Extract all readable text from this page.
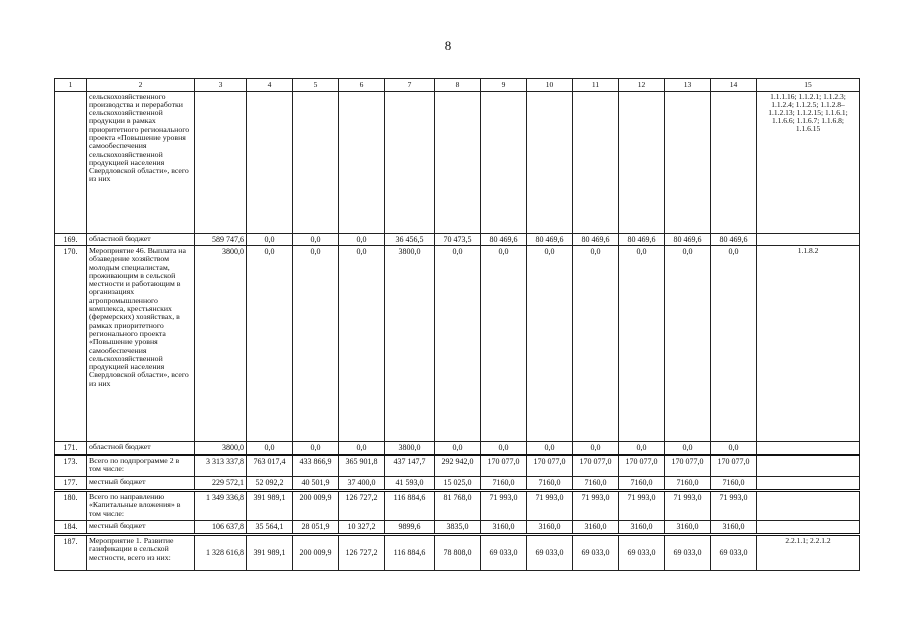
8
1	2	3	4	5	6	7	8	9	10	11	12	13	14	15
	сельскохозяйственного производства и переработки сельскохозяйственной продукции в рамках приоритетного регионального проекта «Повышение уровня самообеспечения сельскохозяйственной продукцией населения Свердловской области», всего из них													1.1.1.16; 1.1.2.1; 1.1.2.3; 1.1.2.4; 1.1.2.5; 1.1.2.8– 1.1.2.13; 1.1.2.15; 1.1.6.1; 1.1.6.6; 1.1.6.7; 1.1.6.8; 1.1.6.15
169.	областной бюджет	589 747,6	0,0	0,0	0,0	36 456,5	70 473,5	80 469,6	80 469,6	80 469,6	80 469,6	80 469,6	80 469,6	
170.	Мероприятие 46. Выплата на обзаведение хозяйством молодым специалистам, проживающим в сельской местности и работающим в организациях агропромышленного комплекса, крестьянских (фермерских) хозяйствах, в рамках приоритетного регионального проекта «Повышение уровня самообеспечения сельскохозяйственной продукцией населения Свердловской области», всего из них	3800,0	0,0	0,0	0,0	3800,0	0,0	0,0	0,0	0,0	0,0	0,0	0,0	1.1.8.2
171.	областной бюджет	3800,0	0,0	0,0	0,0	3800,0	0,0	0,0	0,0	0,0	0,0	0,0	0,0	
173.	Всего по подпрограмме 2 в том числе:	3 313 337,8	763 017,4	433 866,9	365 901,8	437 147,7	292 942,0	170 077,0	170 077,0	170 077,0	170 077,0	170 077,0	170 077,0	
177.	местный бюджет	229 572,1	52 092,2	40 501,9	37 400,0	41 593,0	15 025,0	7160,0	7160,0	7160,0	7160,0	7160,0	7160,0	
180.	Всего по направлению «Капитальные вложения» в том числе:	1 349 336,8	391 989,1	200 009,9	126 727,2	116 884,6	81 768,0	71 993,0	71 993,0	71 993,0	71 993,0	71 993,0	71 993,0	
184.	местный бюджет	106 637,8	35 564,1	28 051,9	10 327,2	9899,6	3835,0	3160,0	3160,0	3160,0	3160,0	3160,0	3160,0	
187.	Мероприятие 1. Развитие газификации в сельской местности, всего из них:	1 328 616,8	391 989,1	200 009,9	126 727,2	116 884,6	78 808,0	69 033,0	69 033,0	69 033,0	69 033,0	69 033,0	69 033,0	2.2.1.1; 2.2.1.2
